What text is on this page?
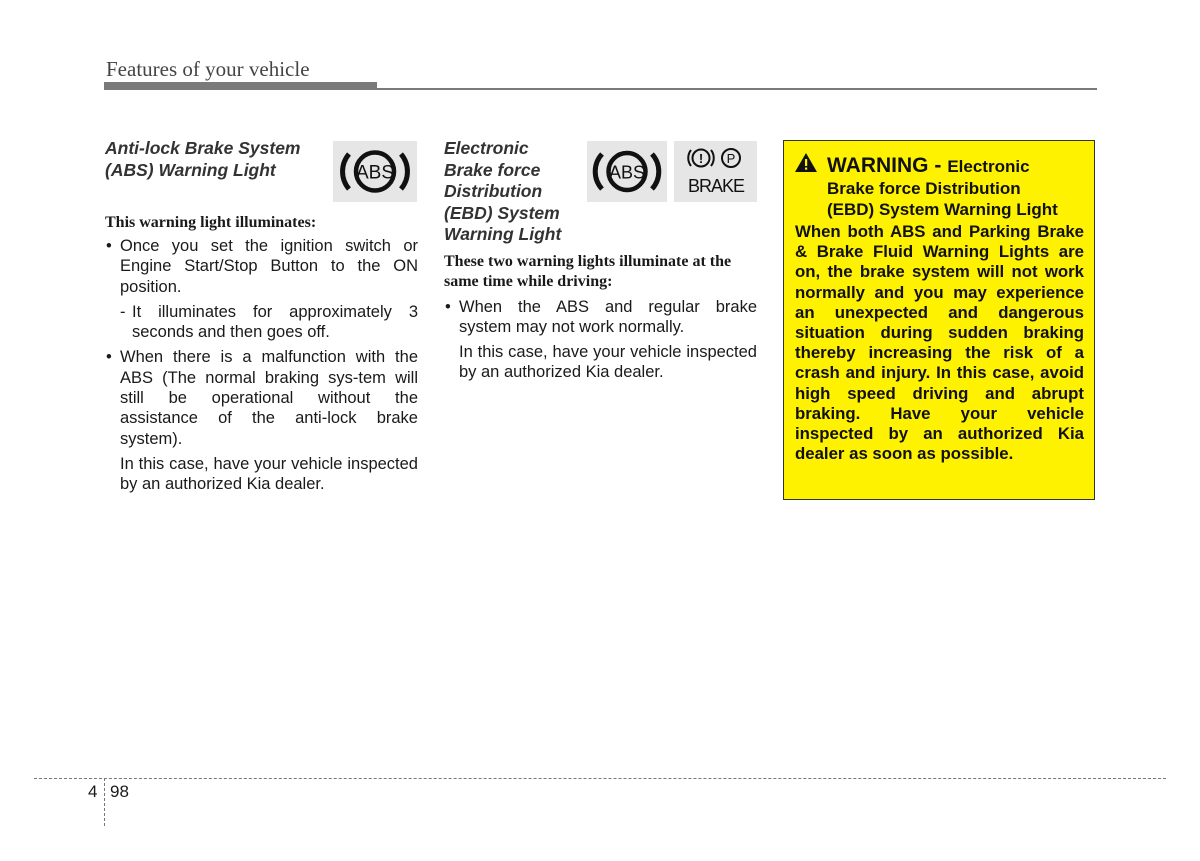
Features of your vehicle
Anti-lock Brake System
(ABS) Warning Light
This warning light illuminates:
• Once you set the ignition switch or Engine Start/Stop Button to the ON position.
- It illuminates for approximately 3 seconds and then goes off.
• When there is a malfunction with the ABS (The normal braking sys-tem will still be operational without the assistance of the anti-lock brake system).
In this case, have your vehicle inspected by an authorized Kia dealer.
ABS
Electronic
Brake force
Distribution
(EBD) System
Warning Light
These two warning lights illuminate at the same time while driving:
• When the ABS and regular brake system may not work normally.
In this case, have your vehicle inspected by an authorized Kia dealer.
ABS
! P
BRAKE
WARNING - Electronic
Brake force Distribution
(EBD) System Warning Light
When both ABS and Parking Brake & Brake Fluid Warning Lights are on, the brake system will not work normally and you may experience an unexpected and dangerous situation during sudden braking thereby increasing the risk of a crash and injury. In this case, avoid high speed driving and abrupt braking. Have your vehicle inspected by an authorized Kia dealer as soon as possible.
4 98
